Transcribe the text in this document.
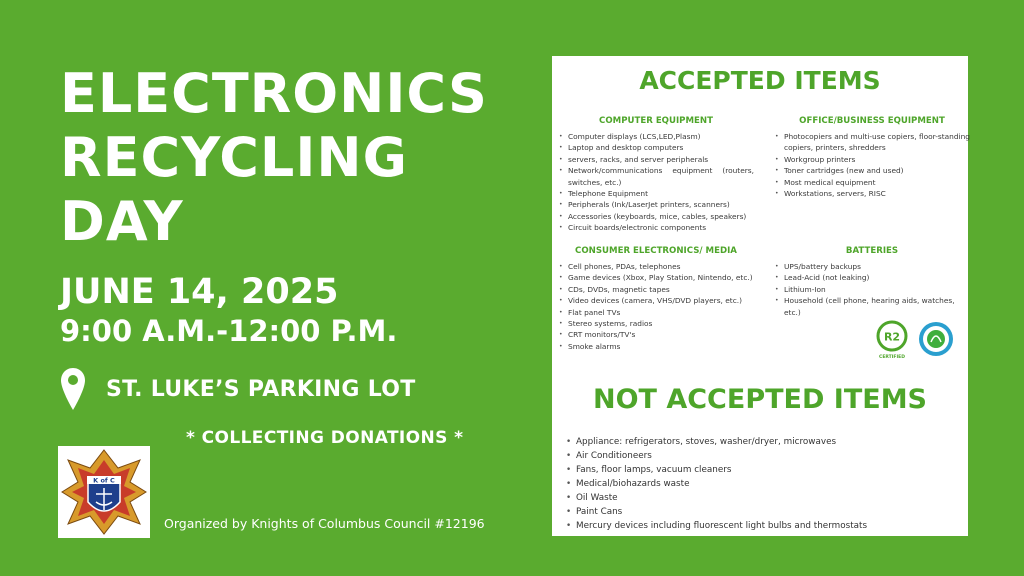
ELECTRONICS
RECYCLING
DAY
JUNE 14, 2025
9:00 A.M.-12:00 P.M.
ST. LUKE’S PARKING LOT
* COLLECTING DONATIONS *
K of C
Organized by Knights of Columbus Council #12196
ACCEPTED ITEMS
COMPUTER EQUIPMENT
• Computer displays (LCS,LED,Plasm)
• Laptop and desktop computers
• servers, racks, and server peripherals
• Network/communications equipment (routers, switches, etc.)
• Telephone Equipment
• Peripherals (Ink/LaserJet printers, scanners)
• Accessories (keyboards, mice, cables, speakers)
• Circuit boards/electronic components
OFFICE/BUSINESS EQUIPMENT
• Photocopiers and multi-use copiers, floor-standing copiers, printers, shredders
• Workgroup printers
• Toner cartridges (new and used)
• Most medical equipment
• Workstations, servers, RISC
CONSUMER ELECTRONICS/ MEDIA
• Cell phones, PDAs, telephones
• Game devices (Xbox, Play Station, Nintendo, etc.)
• CDs, DVDs, magnetic tapes
• Video devices (camera, VHS/DVD players, etc.)
• Flat panel TVs
• Stereo systems, radios
• CRT monitors/TV's
• Smoke alarms
BATTERIES
• UPS/battery backups
• Lead-Acid (not leaking)
• Lithium-Ion
• Household (cell phone, hearing aids, watches, etc.)
R2
CERTIFIED
NOT ACCEPTED ITEMS
• Appliance: refrigerators, stoves, washer/dryer, microwaves
• Air Conditioneers
• Fans, floor lamps, vacuum cleaners
• Medical/biohazards waste
• Oil Waste
• Paint Cans
• Mercury devices including fluorescent light bulbs and thermostats
